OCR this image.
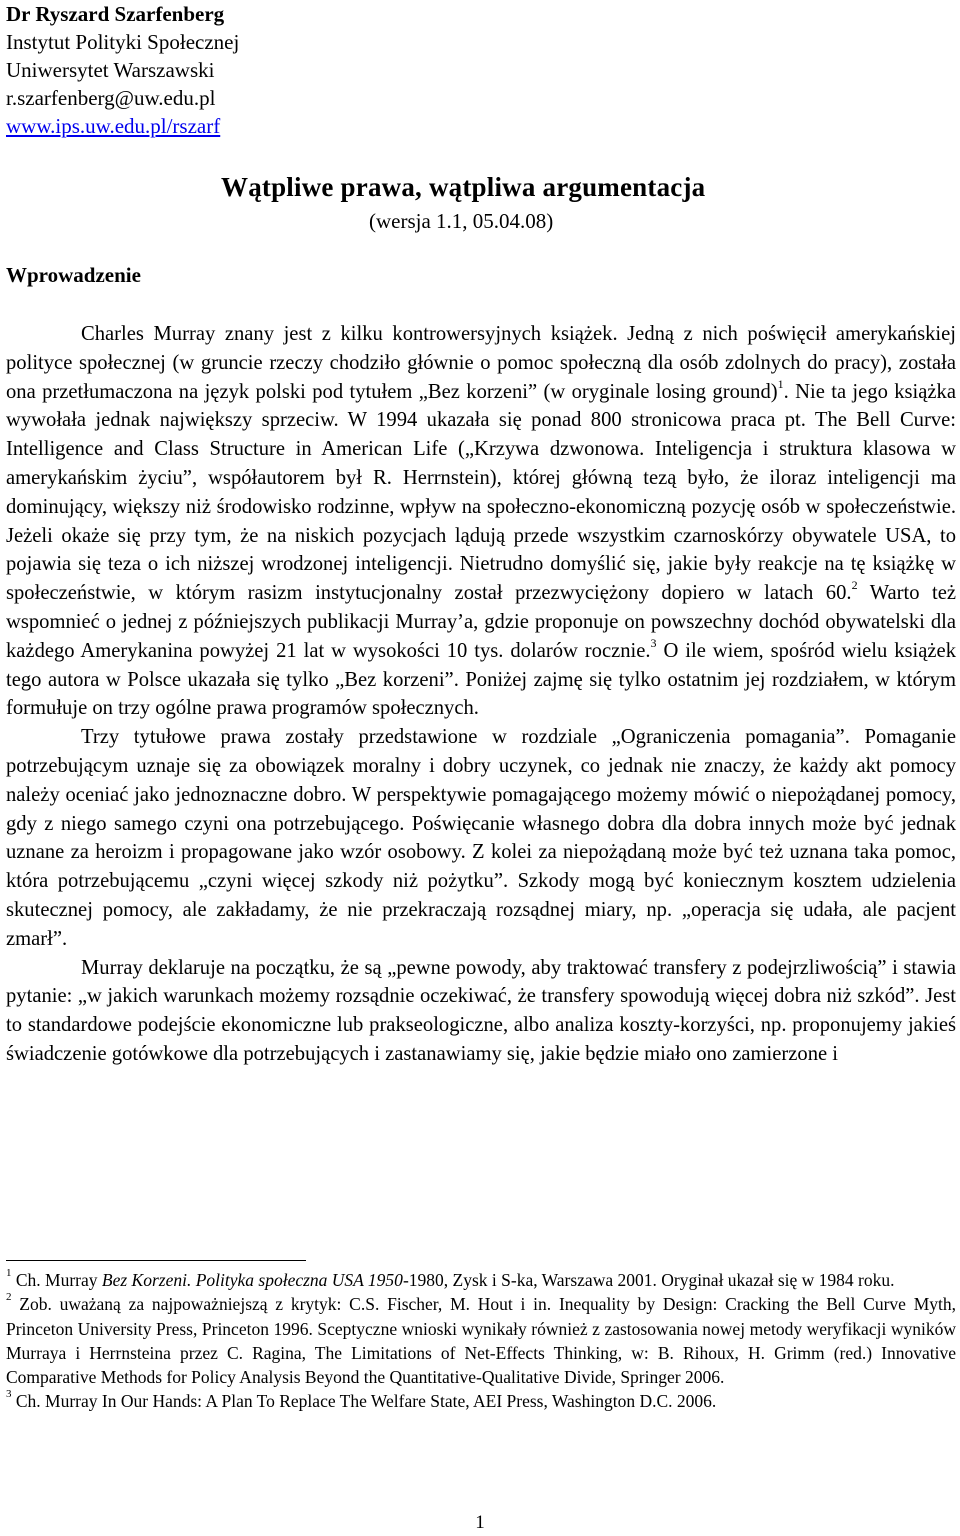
Dr Ryszard Szarfenberg
Instytut Polityki Społecznej
Uniwersytet Warszawski
r.szarfenberg@uw.edu.pl
www.ips.uw.edu.pl/rszarf
Wątpliwe prawa, wątpliwa argumentacja
(wersja 1.1, 05.04.08)
Wprowadzenie

Charles Murray znany jest z kilku kontrowersyjnych książek. Jedną z nich poświęcił amerykańskiej polityce społecznej (w gruncie rzeczy chodziło głównie o pomoc społeczną dla osób zdolnych do pracy), została ona przetłumaczona na język polski pod tytułem „Bez korzeni” (w oryginale losing ground)$^1$. Nie ta jego książka wywołała jednak największy sprzeciw. W 1994 ukazała się ponad 800 stronicowa praca pt. The Bell Curve: Intelligence and Class Structure in American Life („Krzywa dzwonowa. Inteligencja i struktura klasowa w amerykańskim życiu”, współautorem był R. Herrnstein), której główną tezą było, że iloraz inteligencji ma dominujący, większy niż środowisko rodzinne, wpływ na społeczno-ekonomiczną pozycję osób w społeczeństwie. Jeżeli okaże się przy tym, że na niskich pozycjach lądują przede wszystkim czarnoskórzy obywatele USA, to pojawia się teza o ich niższej wrodzonej inteligencji. Nietrudno domyślić się, jakie były reakcje na tę książkę w społeczeństwie, w którym rasizm instytucjonalny został przezwyciężony dopiero w latach 60.$^2$ Warto też wspomnieć o jednej z późniejszych publikacji Murray’a, gdzie proponuje on powszechny dochód obywatelski dla każdego Amerykanina powyżej 21 lat w wysokości 10 tys. dolarów rocznie.$^3$ O ile wiem, spośród wielu książek tego autora w Polsce ukazała się tylko „Bez korzeni”. Poniżej zajmę się tylko ostatnim jej rozdziałem, w którym formułuje on trzy ogólne prawa programów społecznych.

Trzy tytułowe prawa zostały przedstawione w rozdziale „Ograniczenia pomagania”. Pomaganie potrzebującym uznaje się za obowiązek moralny i dobry uczynek, co jednak nie znaczy, że każdy akt pomocy należy oceniać jako jednoznaczne dobro. W perspektywie pomagającego możemy mówić o niepożądanej pomocy, gdy z niego samego czyni ona potrzebującego. Poświęcanie własnego dobra dla dobra innych może być jednak uznane za heroizm i propagowane jako wzór osobowy. Z kolei za niepożądaną może być też uznana taka pomoc, która potrzebującemu „czyni więcej szkody niż pożytku”. Szkody mogą być koniecznym kosztem udzielenia skutecznej pomocy, ale zakładamy, że nie przekraczają rozsądnej miary, np. „operacja się udała, ale pacjent zmarł”.

Murray deklaruje na początku, że są „pewne powody, aby traktować transfery z podejrzliwością” i stawia pytanie: „w jakich warunkach możemy rozsądnie oczekiwać, że transfery spowodują więcej dobra niż szkód”. Jest to standardowe podejście ekonomiczne lub prakseologiczne, albo analiza koszty-korzyści, np. proponujemy jakieś świadczenie gotówkowe dla potrzebujących i zastanawiamy się, jakie będzie miało ono zamierzone i

$^1$ Ch. Murray Bez Korzeni. Polityka społeczna USA 1950-1980, Zysk i S-ka, Warszawa 2001. Oryginał ukazał się w 1984 roku.

$^2$ Zob. uważaną za najpoważniejszą z krytyk: C.S. Fischer, M. Hout i in. Inequality by Design: Cracking the Bell Curve Myth, Princeton University Press, Princeton 1996. Sceptyczne wnioski wynikały również z zastosowania nowej metody weryfikacji wyników Murraya i Herrnsteina przez C. Ragina, The Limitations of Net-Effects Thinking, w: B. Rihoux, H. Grimm (red.) Innovative Comparative Methods for Policy Analysis Beyond the Quantitative-Qualitative Divide, Springer 2006.

$^3$ Ch. Murray In Our Hands: A Plan To Replace The Welfare State, AEI Press, Washington D.C. 2006.

1
